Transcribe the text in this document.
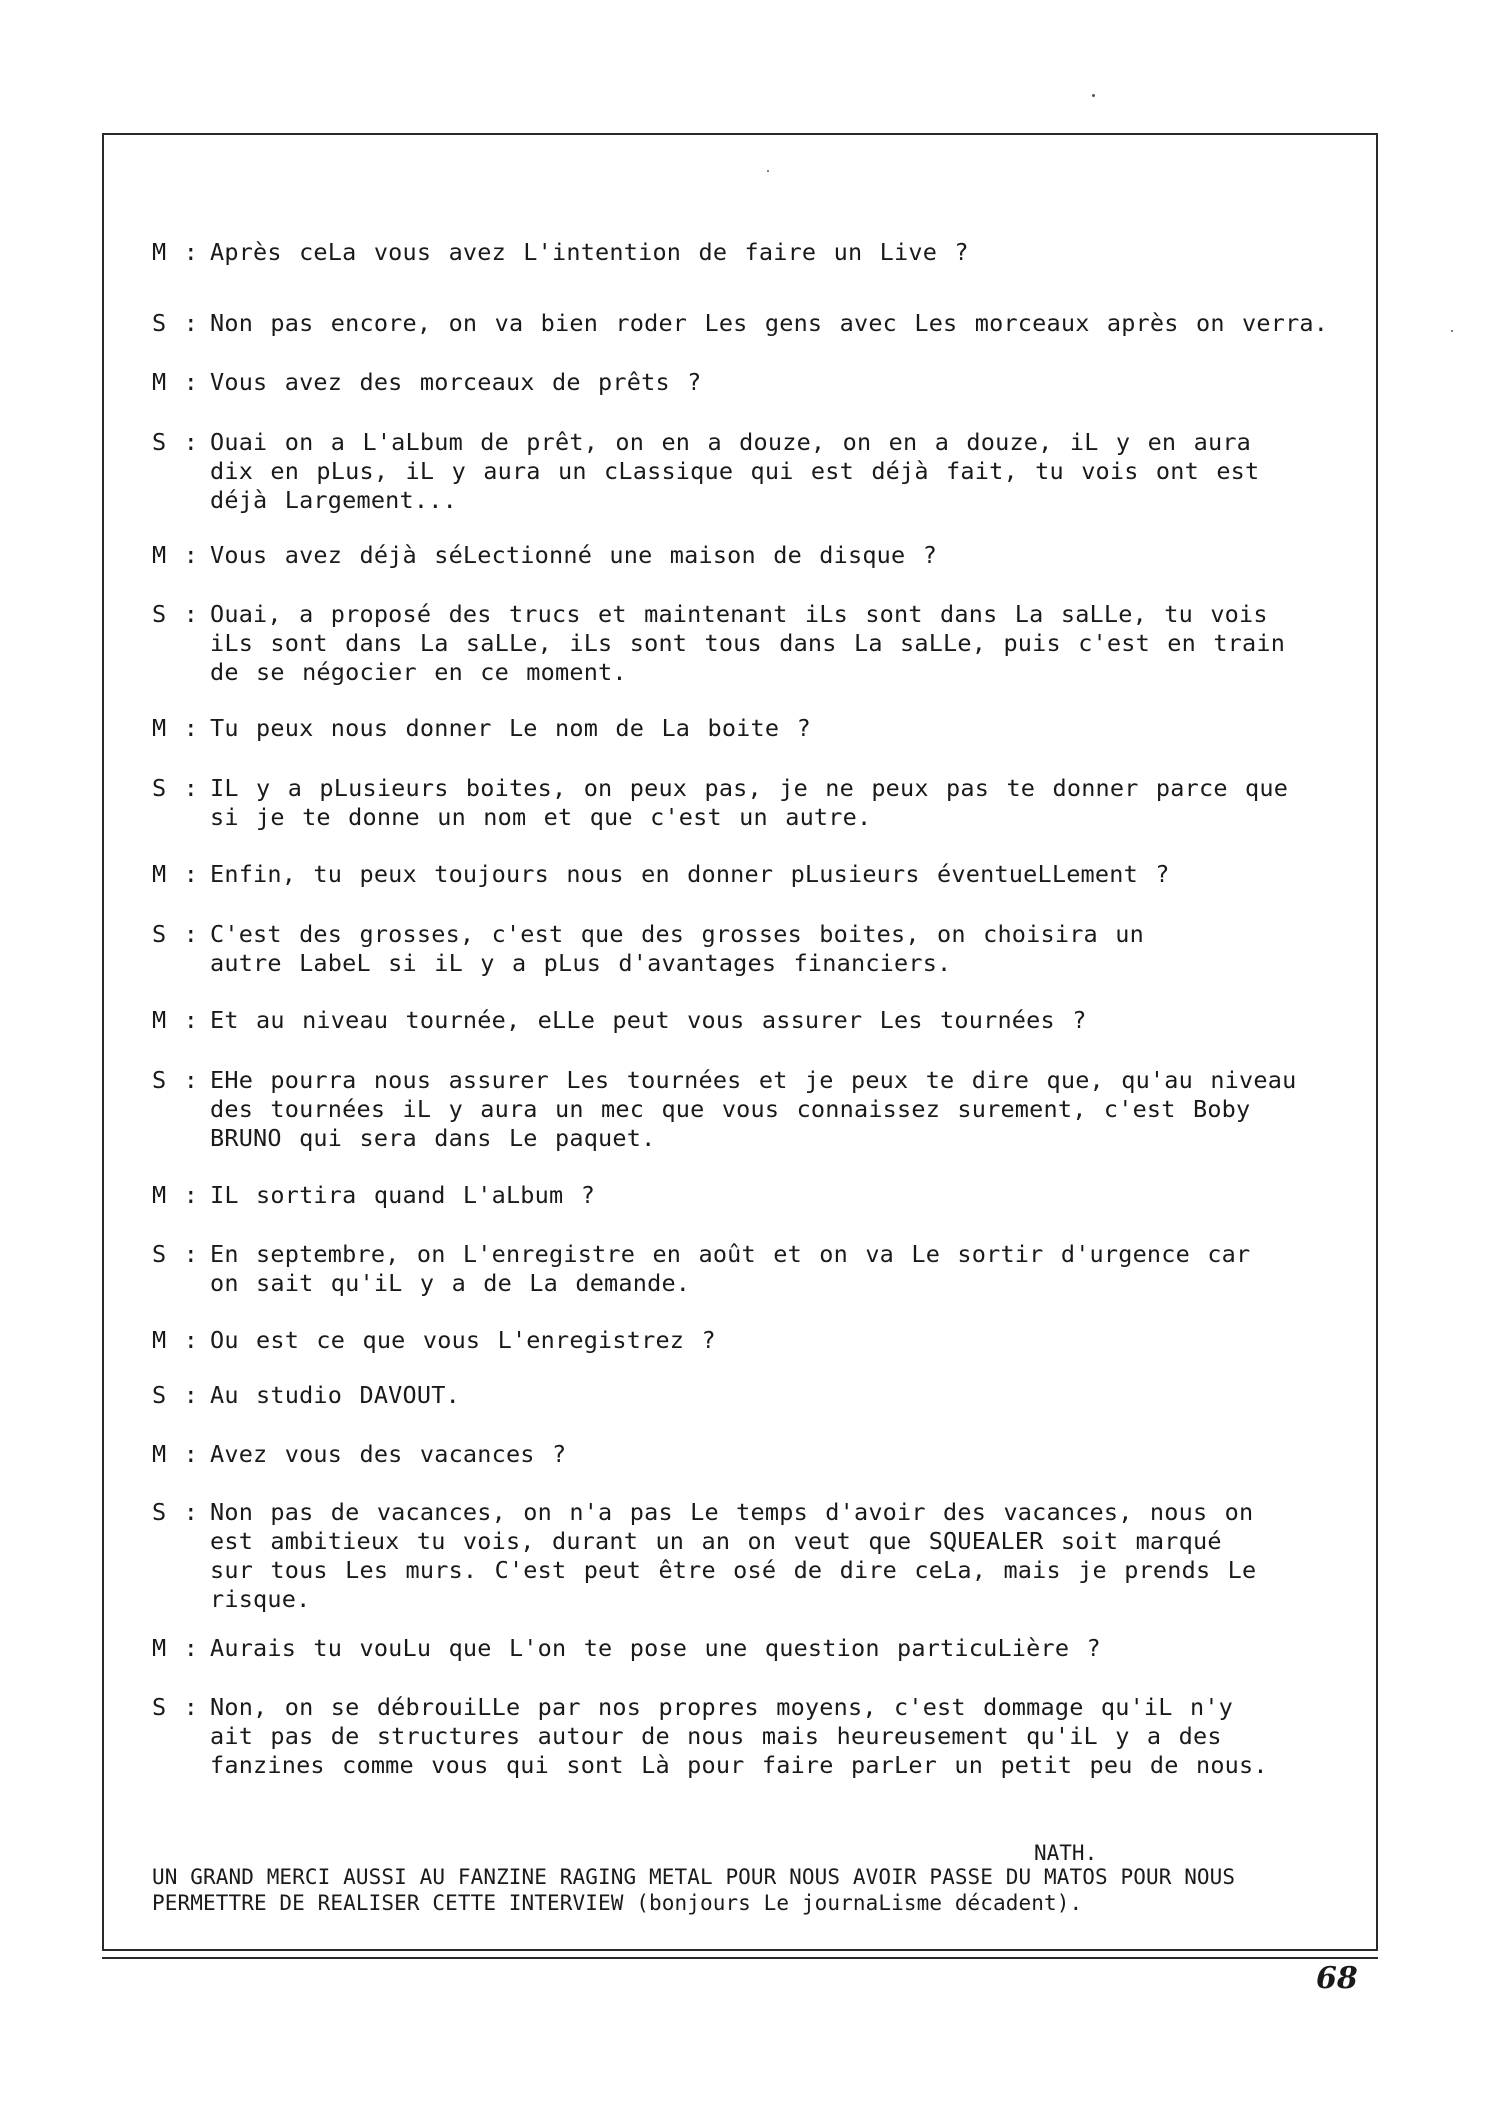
M : Après ceLa vous avez L'intention de faire un Live ?
S : Non pas encore, on va bien roder Les gens avec Les morceaux après on verra.
M : Vous avez des morceaux de prêts ?
S : Ouai on a L'aLbum de prêt, on en a douze, on en a douze, iL y en aura dix en pLus, iL y aura un cLassique qui est déjà fait, tu vois ont est déjà Largement...
M : Vous avez déjà séLectionné une maison de disque ?
S : Ouai, a proposé des trucs et maintenant iLs sont dans La saLLe, tu vois iLs sont dans La saLLe, iLs sont tous dans La saLLe, puis c'est en train de se négocier en ce moment.
M : Tu peux nous donner Le nom de La boite ?
S : IL y a pLusieurs boites, on peux pas, je ne peux pas te donner parce que si je te donne un nom et que c'est un autre.
M : Enfin, tu peux toujours nous en donner pLusieurs éventueLLement ?
S : C'est des grosses, c'est que des grosses boites, on choisira un autre LabeL si iL y a pLus d'avantages financiers.
M : Et au niveau tournée, eLLe peut vous assurer Les tournées ?
S : EHe pourra nous assurer Les tournées et je peux te dire que, qu'au niveau des tournées iL y aura un mec que vous connaissez surement, c'est Boby BRUNO qui sera dans Le paquet.
M : IL sortira quand L'aLbum ?
S : En septembre, on L'enregistre en août et on va Le sortir d'urgence car on sait qu'iL y a de La demande.
M : Ou est ce que vous L'enregistrez ?
S : Au studio DAVOUT.
M : Avez vous des vacances ?
S : Non pas de vacances, on n'a pas Le temps d'avoir des vacances, nous on est ambitieux tu vois, durant un an on veut que SQUEALER soit marqué sur tous Les murs. C'est peut être osé de dire ceLa, mais je prends Le risque.
M : Aurais tu vouLu que L'on te pose une question particuLière ?
S : Non, on se débrouiLLe par nos propres moyens, c'est dommage qu'iL n'y ait pas de structures autour de nous mais heureusement qu'iL y a des fanzines comme vous qui sont Là pour faire parLer un petit peu de nous.
NATH.
UN GRAND MERCI AUSSI AU FANZINE RAGING METAL POUR NOUS AVOIR PASSE DU MATOS POUR NOUS PERMETTRE DE REALISER CETTE INTERVIEW (bonjours Le journaLisme décadent).
68
